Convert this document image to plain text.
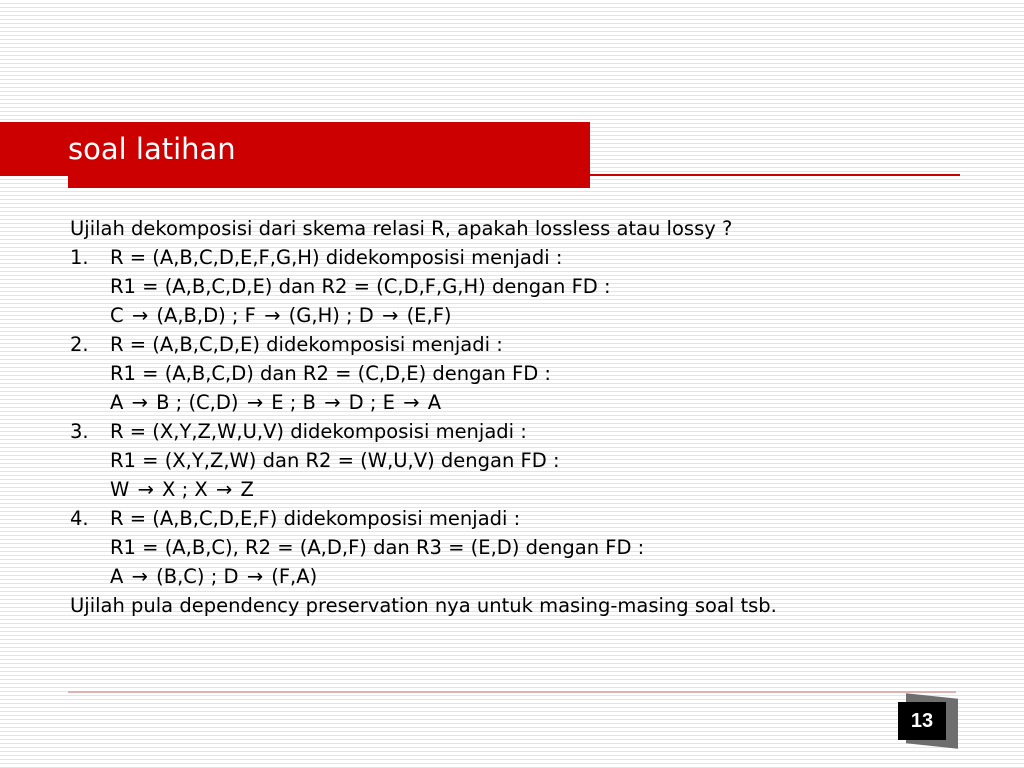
soal latihan
Ujilah dekomposisi dari skema relasi R, apakah lossless atau lossy ?
1. R = (A,B,C,D,E,F,G,H) didekomposisi menjadi :
R1 = (A,B,C,D,E) dan R2 = (C,D,F,G,H) dengan FD :
C → (A,B,D) ; F → (G,H) ; D → (E,F)
2. R = (A,B,C,D,E) didekomposisi menjadi :
R1 = (A,B,C,D) dan R2 = (C,D,E) dengan FD :
A → B ; (C,D) → E ; B → D ; E → A
3. R = (X,Y,Z,W,U,V) didekomposisi menjadi :
R1 = (X,Y,Z,W) dan R2 = (W,U,V) dengan FD :
W → X ; X → Z
4. R = (A,B,C,D,E,F) didekomposisi menjadi :
R1 = (A,B,C), R2 = (A,D,F) dan R3 = (E,D) dengan FD :
A → (B,C) ; D → (F,A)
Ujilah pula dependency preservation nya untuk masing-masing soal tsb.
13
